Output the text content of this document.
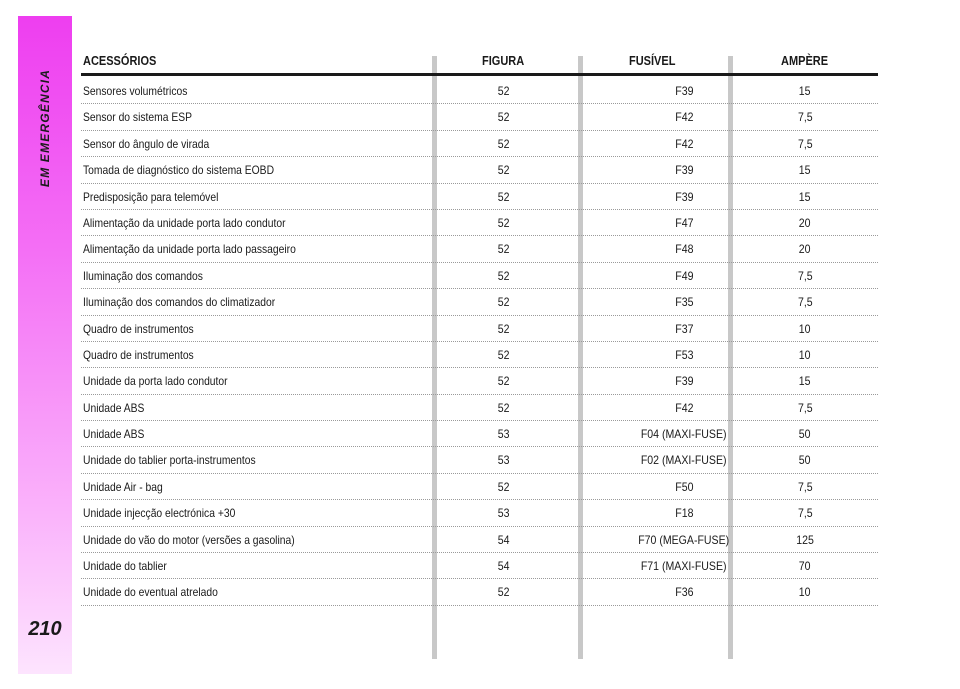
EM EMERGÊNCIA
210
ACESSÓRIOS	FIGURA	FUSÍVEL	AMPÈRE
Sensores volumétricos	52	F39	15
Sensor do sistema ESP	52	F42	7,5
Sensor do ângulo de virada	52	F42	7,5
Tomada de diagnóstico do sistema EOBD	52	F39	15
Predisposição para telemóvel	52	F39	15
Alimentação da unidade porta lado condutor	52	F47	20
Alimentação da unidade porta lado passageiro	52	F48	20
Iluminação dos comandos	52	F49	7,5
Iluminação dos comandos do climatizador	52	F35	7,5
Quadro de instrumentos	52	F37	10
Quadro de instrumentos	52	F53	10
Unidade da porta lado condutor	52	F39	15
Unidade ABS	52	F42	7,5
Unidade ABS	53	F04 (MAXI-FUSE)	50
Unidade do tablier porta-instrumentos	53	F02 (MAXI-FUSE)	50
Unidade Air - bag	52	F50	7,5
Unidade injecção electrónica +30	53	F18	7,5
Unidade do vão do motor (versões a gasolina)	54	F70 (MEGA-FUSE)	125
Unidade do tablier	54	F71 (MAXI-FUSE)	70
Unidade do eventual atrelado	52	F36	10
